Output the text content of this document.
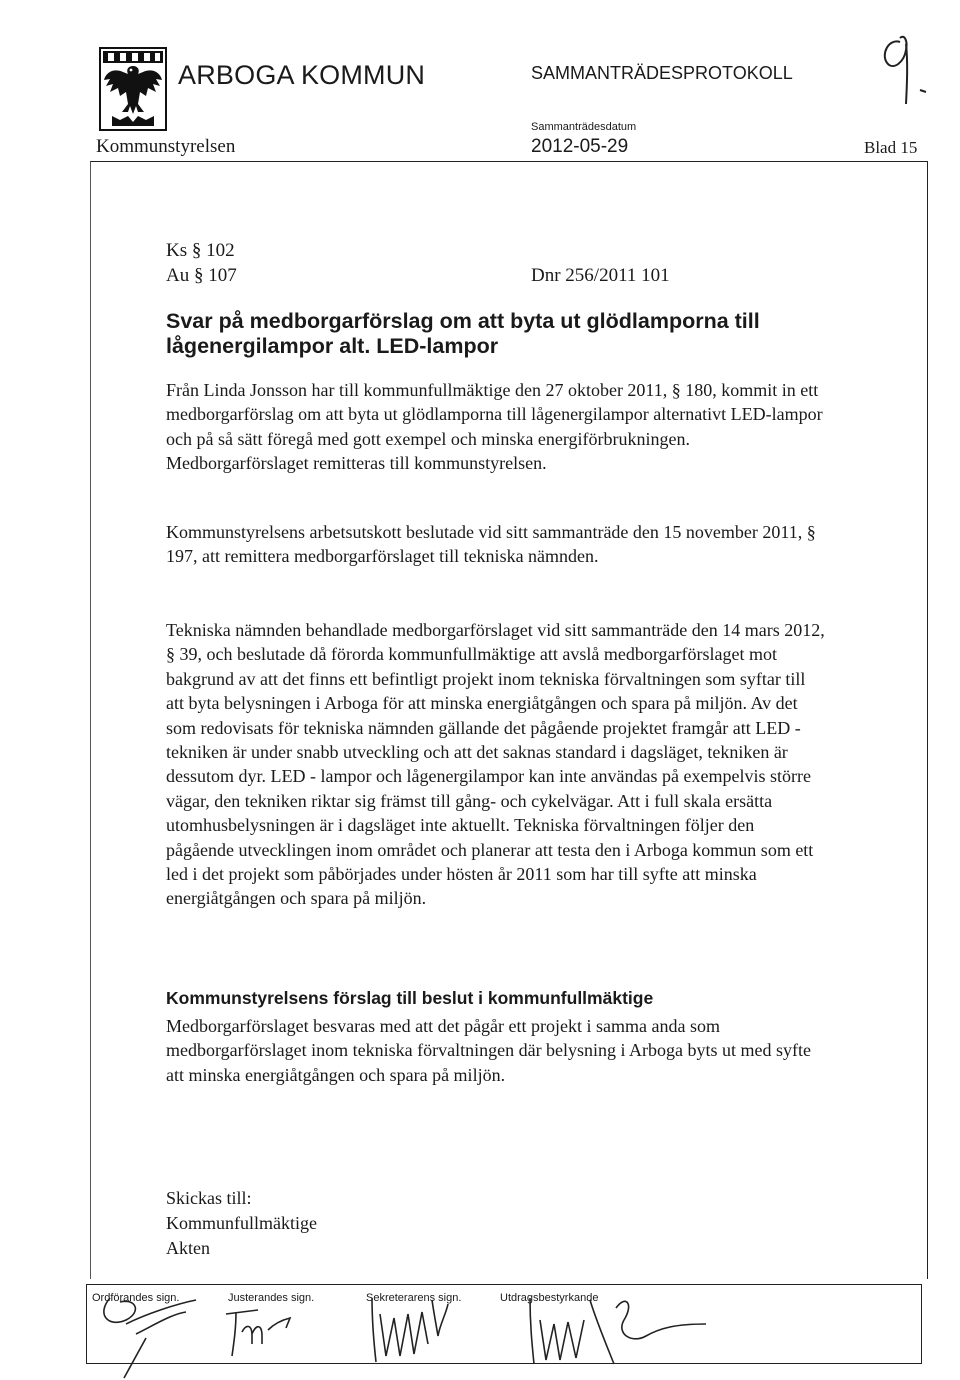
ARBOGA KOMMUN	SAMMANTRÄDESPROTOKOLL
Kommunstyrelsen
Sammanträdesdatum
2012-05-29	Blad 15
Ks § 102
Au § 107	Dnr 256/2011 101
Svar på medborgarförslag om att byta ut glödlamporna till lågenergilampor alt. LED-lampor
Från Linda Jonsson har till kommunfullmäktige den 27 oktober 2011, § 180, kommit in ett medborgarförslag om att byta ut glödlamporna till lågenergilampor alternativt LED-lampor och på så sätt föregå med gott exempel och minska energiförbrukningen. Medborgarförslaget remitteras till kommunstyrelsen.
Kommunstyrelsens arbetsutskott beslutade vid sitt sammanträde den 15 november 2011, § 197, att remittera medborgarförslaget till tekniska nämnden.
Tekniska nämnden behandlade medborgarförslaget vid sitt sammanträde den 14 mars 2012, § 39, och beslutade då förorda kommunfullmäktige att avslå medborgarförslaget mot bakgrund av att det finns ett befintligt projekt inom tekniska förvaltningen som syftar till att byta belysningen i Arboga för att minska energiåtgången och spara på miljön. Av det som redovisats för tekniska nämnden gällande det pågående projektet framgår att LED - tekniken är under snabb utveckling och att det saknas standard i dagsläget, tekniken är dessutom dyr. LED - lampor och lågenergilampor kan inte användas på exempelvis större vägar, den tekniken riktar sig främst till gång- och cykelvägar. Att i full skala ersätta utomhusbelysningen är i dagsläget inte aktuellt. Tekniska förvaltningen följer den pågående utvecklingen inom området och planerar att testa den i Arboga kommun som ett led i det projekt som påbörjades under hösten år 2011 som har till syfte att minska energiåtgången och spara på miljön.
Kommunstyrelsens förslag till beslut i kommunfullmäktige
Medborgarförslaget besvaras med att det pågår ett projekt i samma anda som medborgarförslaget inom tekniska förvaltningen där belysning i Arboga byts ut med syfte att minska energiåtgången och spara på miljön.
Skickas till:
Kommunfullmäktige
Akten
Ordförandes sign.	Justerandes sign.	Sekreterarens sign.	Utdragsbestyrkande
